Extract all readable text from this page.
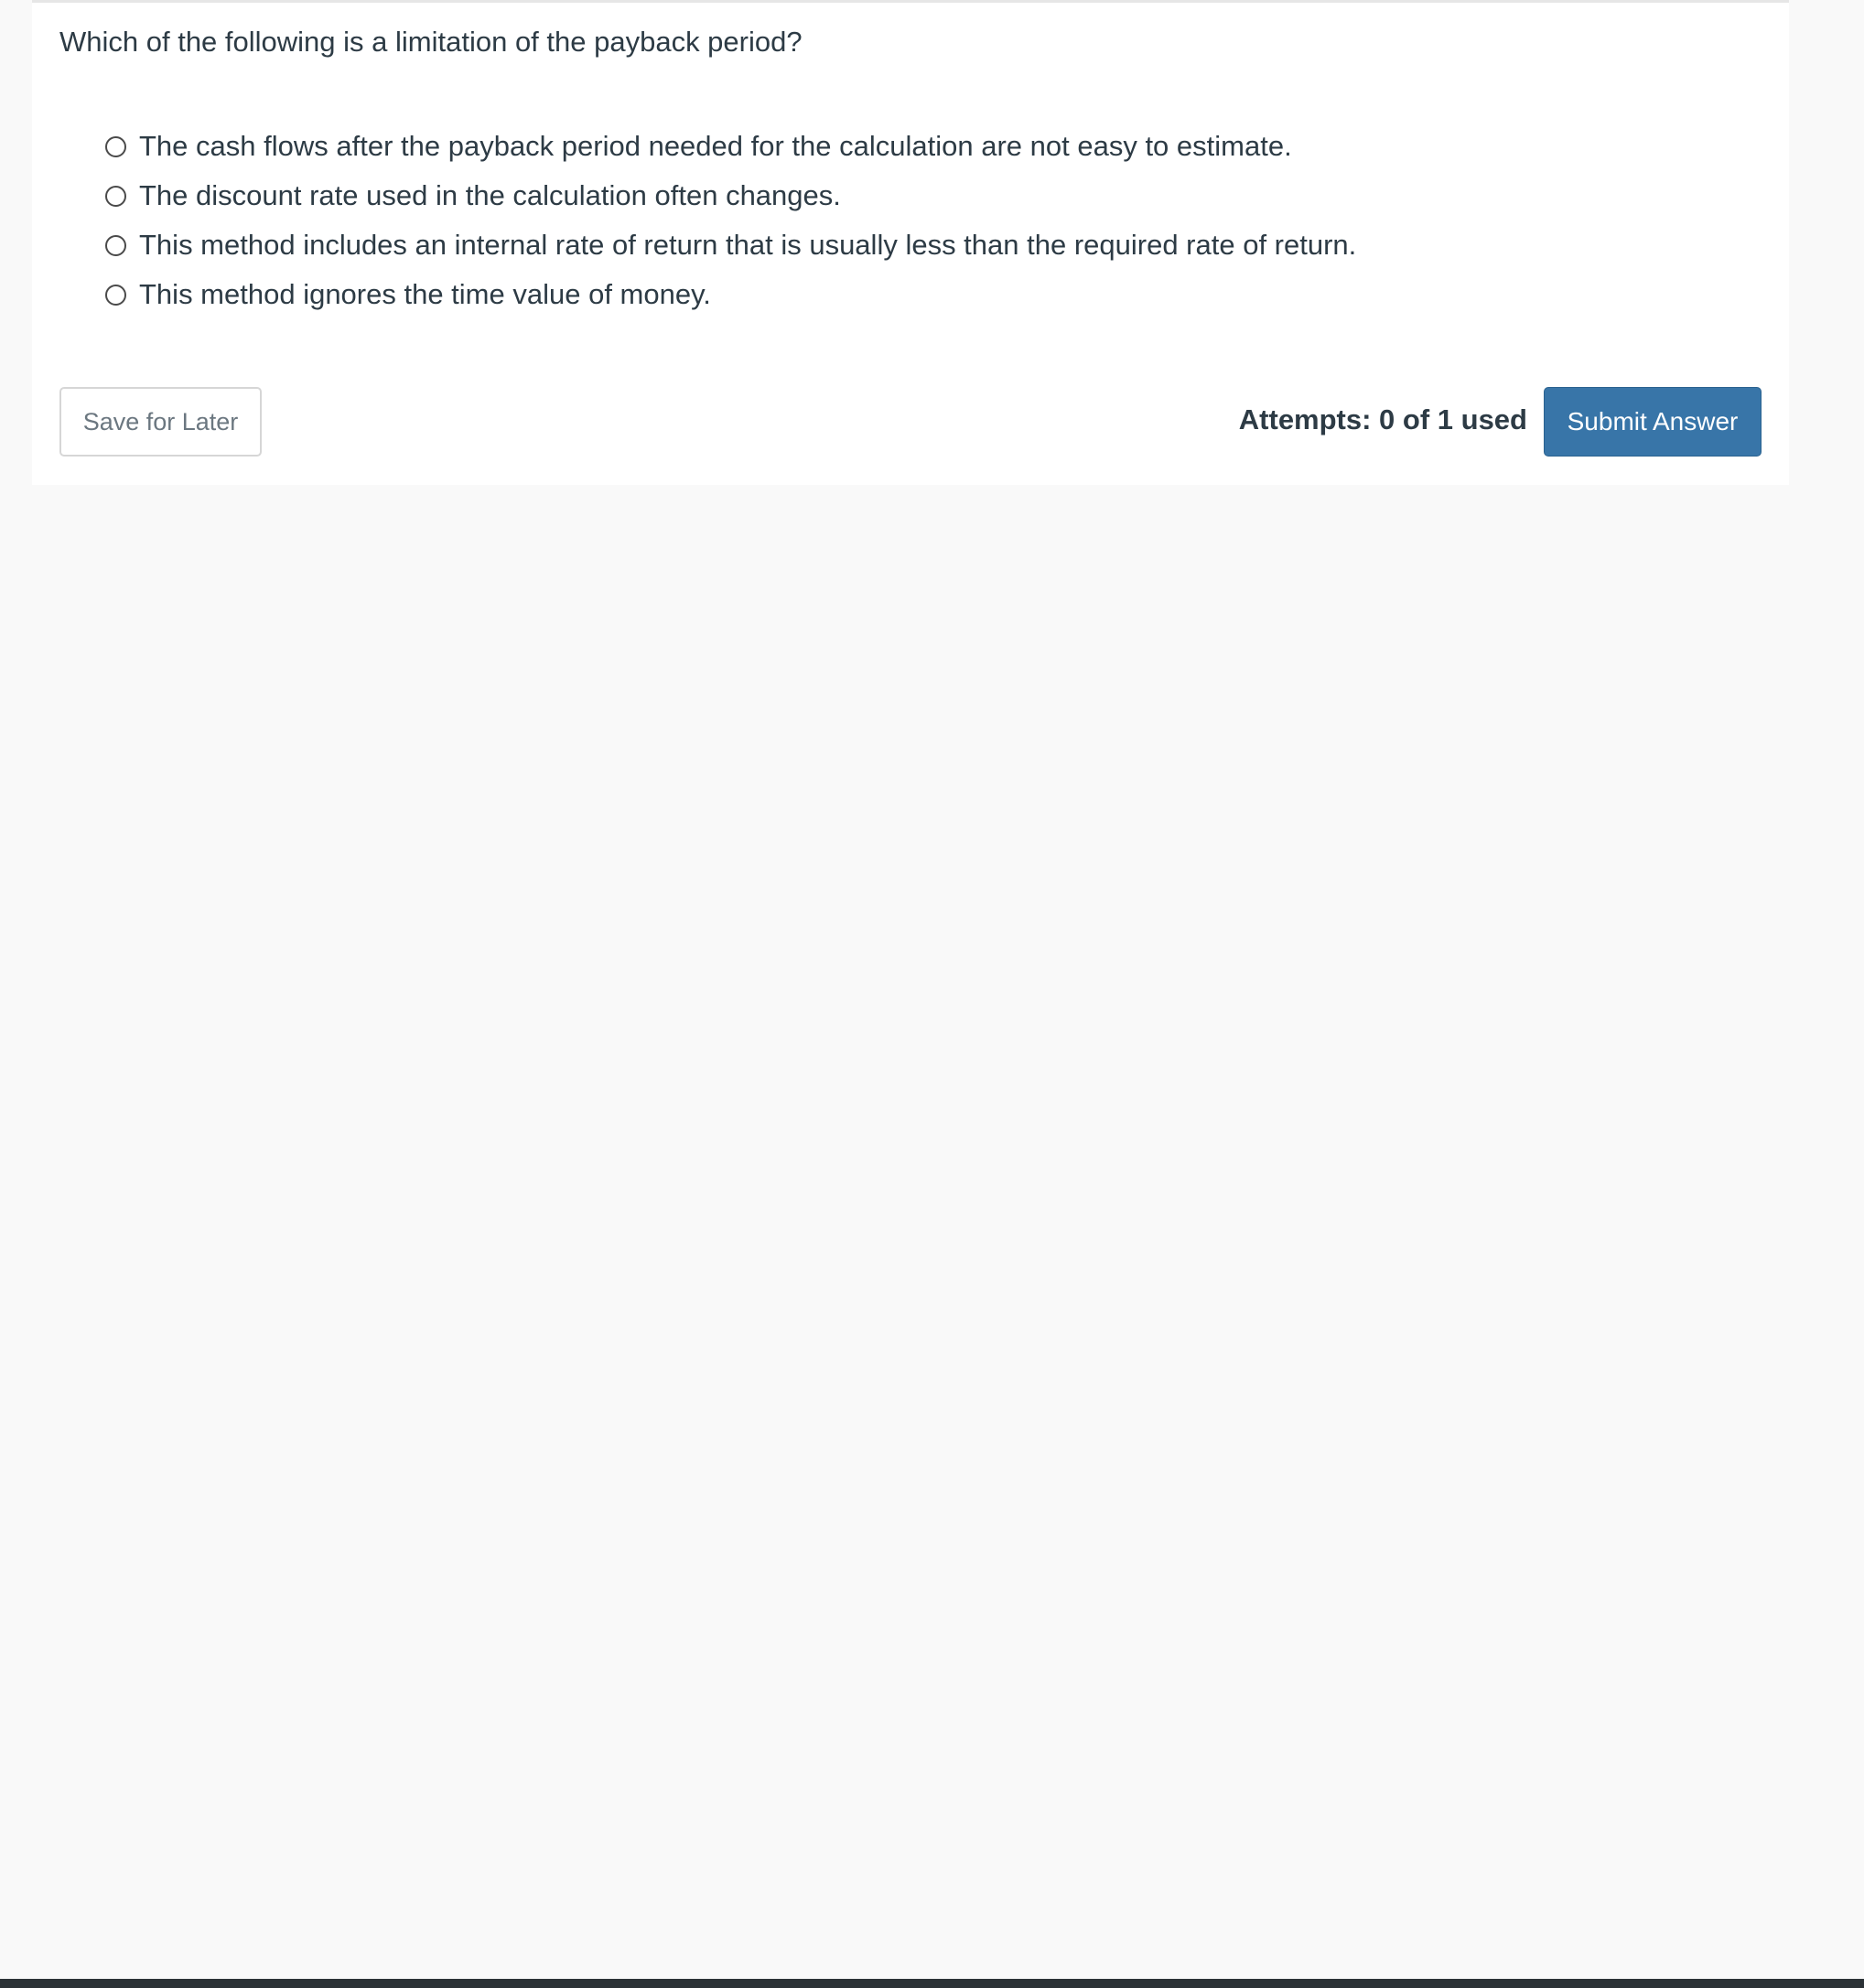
Which of the following is a limitation of the payback period?

The cash flows after the payback period needed for the calculation are not easy to estimate.
The discount rate used in the calculation often changes.
This method includes an internal rate of return that is usually less than the required rate of return.
This method ignores the time value of money.
Save for Later	Attempts: 0 of 1 used	Submit Answer
